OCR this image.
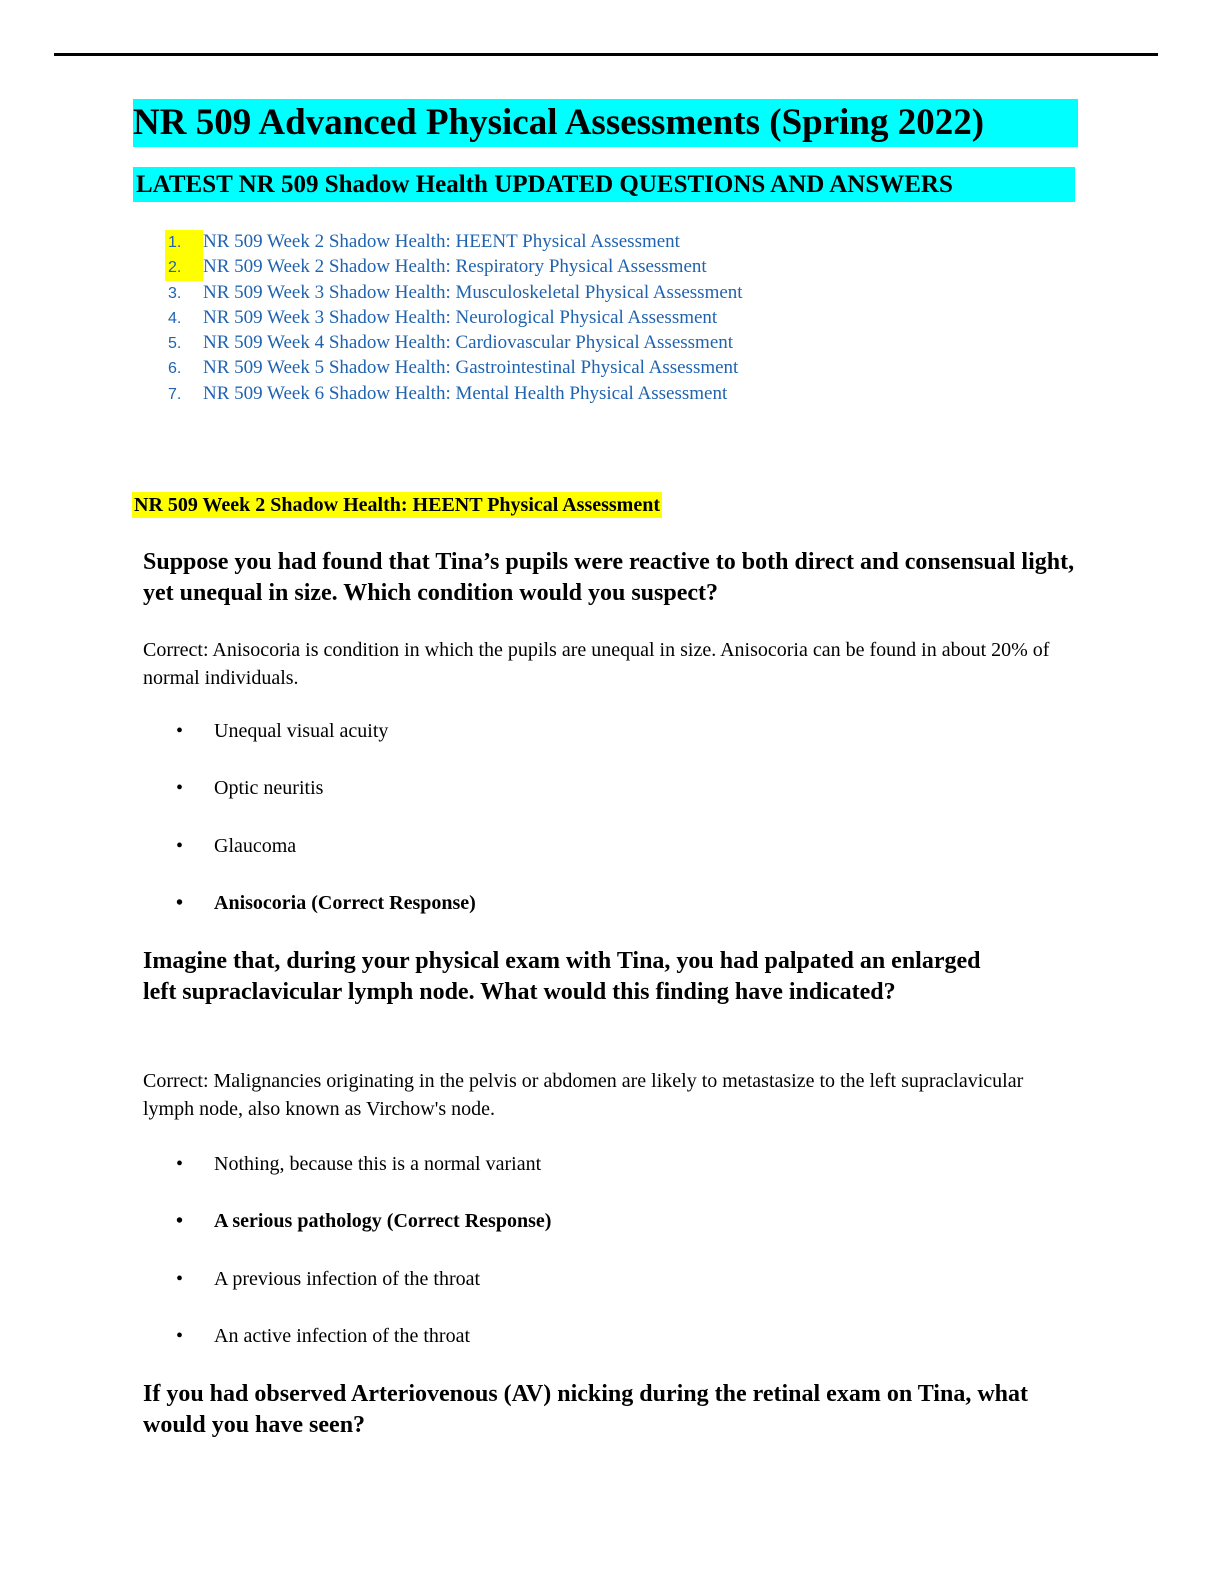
NR 509 Advanced Physical Assessments (Spring 2022)
LATEST NR 509 Shadow Health UPDATED QUESTIONS AND ANSWERS
1. NR 509 Week 2 Shadow Health: HEENT Physical Assessment
2. NR 509 Week 2 Shadow Health: Respiratory Physical Assessment
3. NR 509 Week 3 Shadow Health: Musculoskeletal Physical Assessment
4. NR 509 Week 3 Shadow Health: Neurological Physical Assessment
5. NR 509 Week 4 Shadow Health: Cardiovascular Physical Assessment
6. NR 509 Week 5 Shadow Health: Gastrointestinal Physical Assessment
7. NR 509 Week 6 Shadow Health: Mental Health Physical Assessment
NR 509 Week 2 Shadow Health: HEENT Physical Assessment

Suppose you had found that Tina’s pupils were reactive to both direct and consensual light, yet unequal in size. Which condition would you suspect?

Correct: Anisocoria is condition in which the pupils are unequal in size. Anisocoria can be found in about 20% of normal individuals.

• Unequal visual acuity
• Optic neuritis
• Glaucoma
• Anisocoria (Correct Response)

Imagine that, during your physical exam with Tina, you had palpated an enlarged left supraclavicular lymph node. What would this finding have indicated?

Correct: Malignancies originating in the pelvis or abdomen are likely to metastasize to the left supraclavicular lymph node, also known as Virchow's node.

• Nothing, because this is a normal variant
• A serious pathology (Correct Response)
• A previous infection of the throat
• An active infection of the throat

If you had observed Arteriovenous (AV) nicking during the retinal exam on Tina, what would you have seen?
